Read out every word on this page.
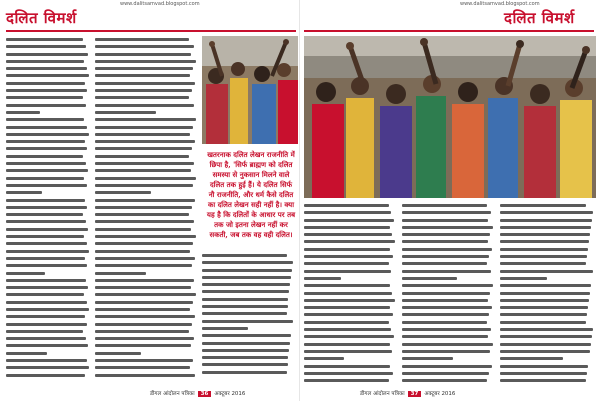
www.dalitsamvad.blogspot.com
दलित विमर्श
खतरनाक दलित लेखन राजनीति में छिपा है, 'सिर्फ ब्राह्मण को दलित समस्या से नुकसान मिलने वाले दलित तक हुई हैं। ये दलित सिर्फ नौ राजनीति, और धर्म कैसे दलित का दलित लेखन सही नहीं है। क्या यह है कि दलितों के आधार पर तब तक जो इतना लेखन नहीं कर सकती, जब तक वह वही दलित।
डीगल आंदोलन पत्रिका 36 अक्टूबर 2016
www.dalitsamvad.blogspot.com
दलित विमर्श
डीगल आंदोलन पत्रिका 37 अक्टूबर 2016
